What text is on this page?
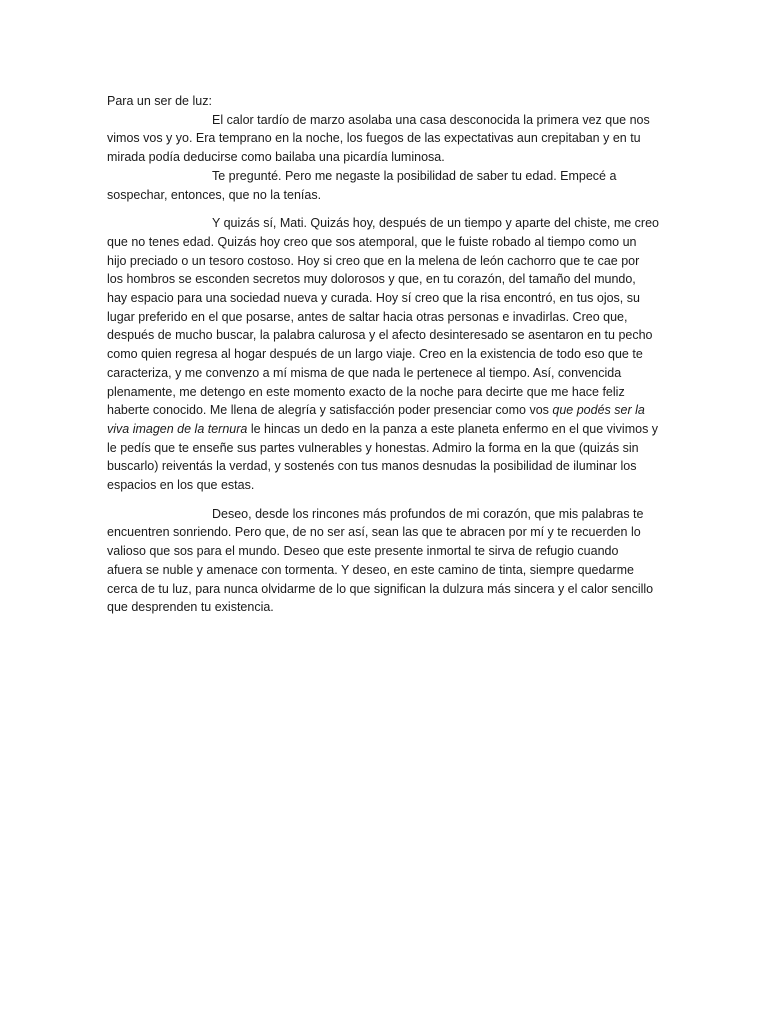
Para un ser de luz:
El calor tardío de marzo asolaba una casa desconocida la primera vez que nos
vimos vos y yo. Era temprano en la noche, los fuegos de las expectativas aun crepitaban y en tu
mirada podía deducirse como bailaba una picardía luminosa.
Te pregunté. Pero me negaste la posibilidad de saber tu edad. Empecé a
sospechar, entonces, que no la tenías.
Y quizás sí, Mati. Quizás hoy, después de un tiempo y aparte del chiste, me creo
que no tenes edad. Quizás hoy creo que sos atemporal, que le fuiste robado al tiempo como un
hijo preciado o un tesoro costoso. Hoy si creo que en la melena de león cachorro que te cae por
los hombros se esconden secretos muy dolorosos y que, en tu corazón, del tamaño del mundo,
hay espacio para una sociedad nueva y curada. Hoy sí creo que la risa encontró, en tus ojos, su
lugar preferido en el que posarse, antes de saltar hacia otras personas e invadirlas. Creo que,
después de mucho buscar, la palabra calurosa y el afecto desinteresado se asentaron en tu pecho
como quien regresa al hogar después de un largo viaje. Creo en la existencia de todo eso que te
caracteriza, y me convenzo a mí misma de que nada le pertenece al tiempo. Así, convencida
plenamente, me detengo en este momento exacto de la noche para decirte que me hace feliz
haberte conocido. Me llena de alegría y satisfacción poder presenciar como vos que podés ser la
viva imagen de la ternura le hincas un dedo en la panza a este planeta enfermo en el que vivimos y
le pedís que te enseñe sus partes vulnerables y honestas. Admiro la forma en la que (quizás sin
buscarlo) reiventás la verdad, y sostenés con tus manos desnudas la posibilidad de iluminar los
espacios en los que estas.
Deseo, desde los rincones más profundos de mi corazón, que mis palabras te
encuentren sonriendo. Pero que, de no ser así, sean las que te abracen por mí y te recuerden lo
valioso que sos para el mundo. Deseo que este presente inmortal te sirva de refugio cuando
afuera se nuble y amenace con tormenta. Y deseo, en este camino de tinta, siempre quedarme
cerca de tu luz, para nunca olvidarme de lo que significan la dulzura más sincera y el calor sencillo
que desprenden tu existencia.
